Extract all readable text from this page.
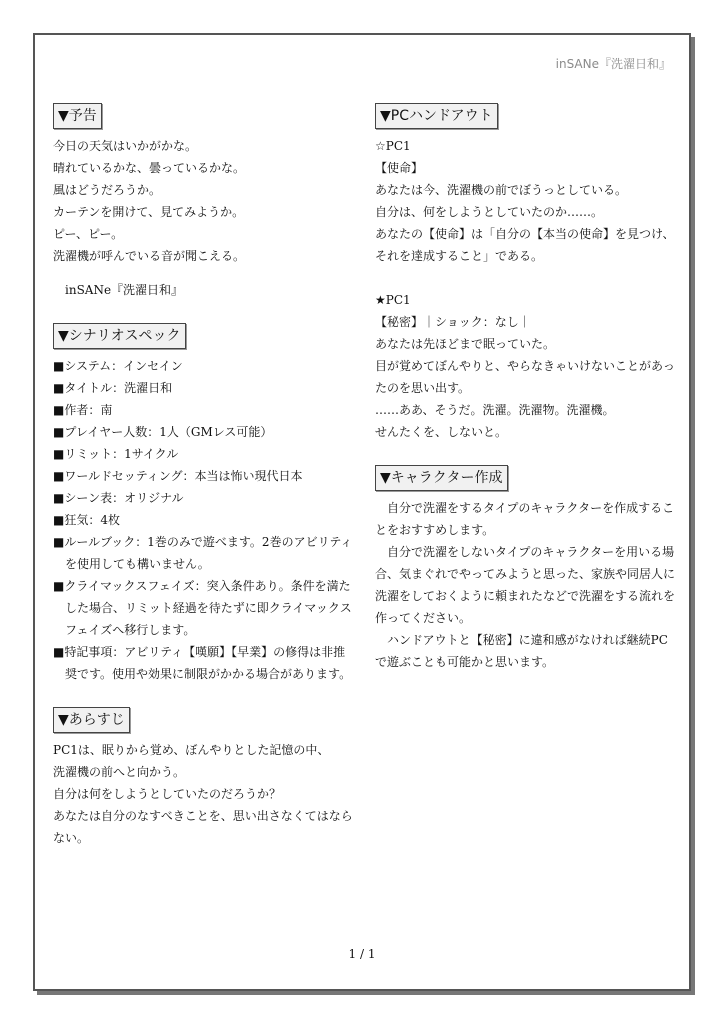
inSANe『洗濯日和』
▼予告

今日の天気はいかがかな。

晴れているかな、曇っているかな。

風はどうだろうか。

カーテンを開けて、見てみようか。

ピー、ピー。

洗濯機が呼んでいる音が聞こえる。

inSANe『洗濯日和』

▼シナリオスペック

■システム：インセイン

■タイトル：洗濯日和

■作者：南

■プレイヤー人数：1人（GMレス可能）

■リミット：1サイクル

■ワールドセッティング：本当は怖い現代日本

■シーン表：オリジナル

■狂気：4枚

■ルールブック：1巻のみで遊べます。2巻のアビリティを使用しても構いません。

■クライマックスフェイズ：突入条件あり。条件を満たした場合、リミット経過を待たずに即クライマックスフェイズへ移行します。

■特記事項：アビリティ【嘆願】【早業】の修得は非推奨です。使用や効果に制限がかかる場合があります。

▼あらすじ

PC1は、眠りから覚め、ぼんやりとした記憶の中、

洗濯機の前へと向かう。

自分は何をしようとしていたのだろうか？

あなたは自分のなすべきことを、思い出さなくてはならない。

▼PCハンドアウト

☆PC1

【使命】

あなたは今、洗濯機の前でぼうっとしている。

自分は、何をしようとしていたのか……。

あなたの【使命】は「自分の【本当の使命】を見つけ、それを達成すること」である。

★PC1

【秘密】｜ショック：なし｜

あなたは先ほどまで眠っていた。

目が覚めてぼんやりと、やらなきゃいけないことがあったのを思い出す。

……ああ、そうだ。洗濯。洗濯物。洗濯機。

せんたくを、しないと。

▼キャラクター作成

自分で洗濯をするタイプのキャラクターを作成することをおすすめします。

自分で洗濯をしないタイプのキャラクターを用いる場合、気まぐれでやってみようと思った、家族や同居人に洗濯をしておくように頼まれたなどで洗濯をする流れを作ってください。

ハンドアウトと【秘密】に違和感がなければ継続PCで遊ぶことも可能かと思います。

1 / 1
